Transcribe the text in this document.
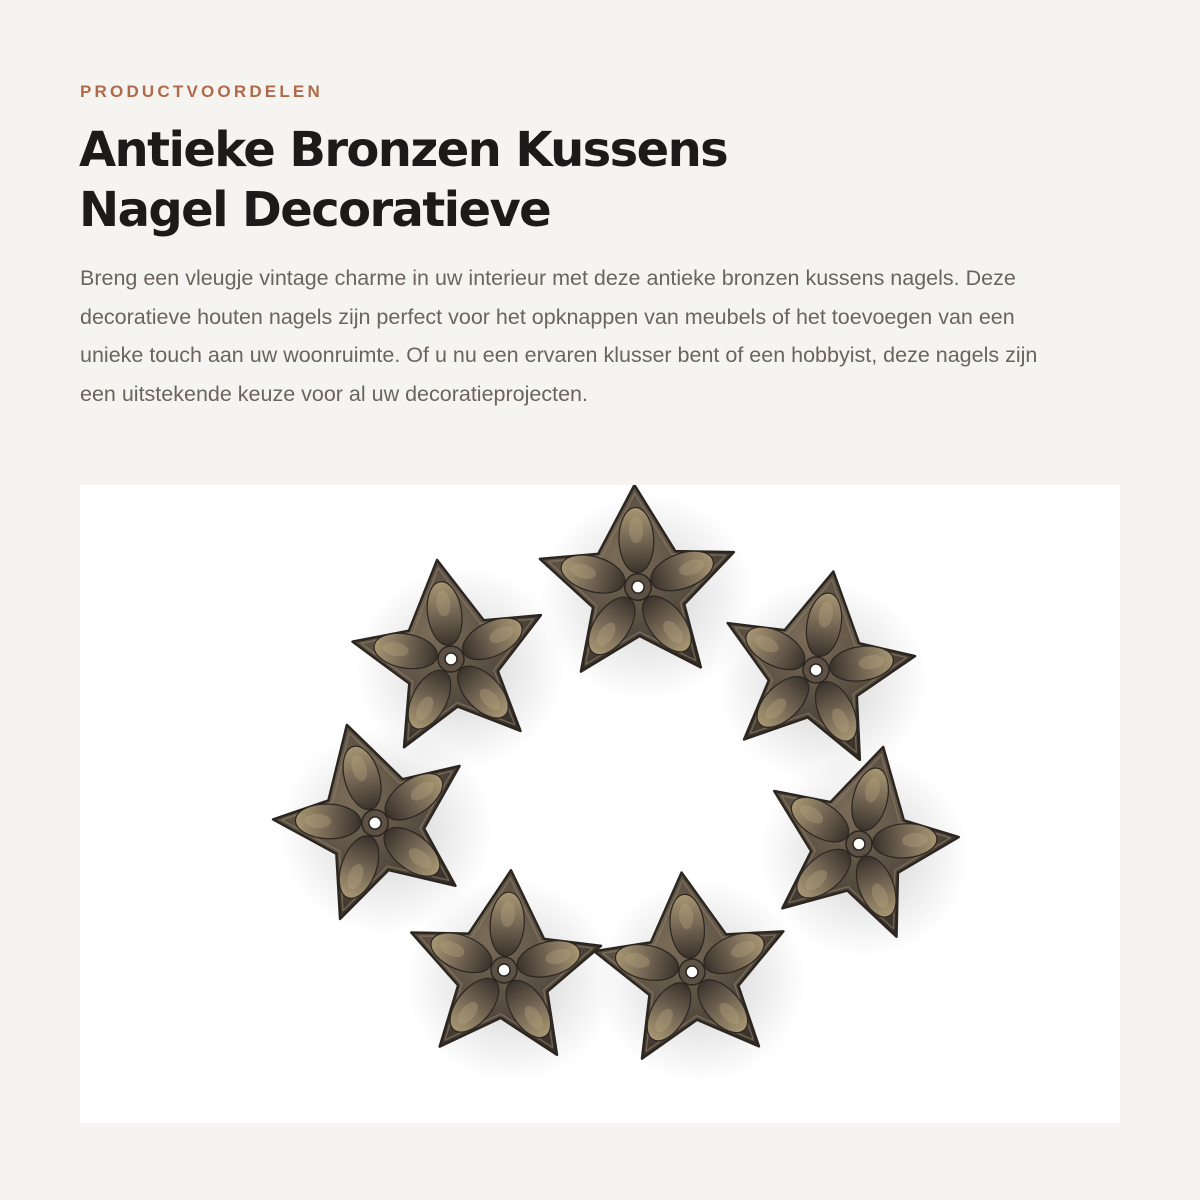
PRODUCTVOORDELEN

Antieke Bronzen Kussens
Nagel Decoratieve

Breng een vleugje vintage charme in uw interieur met deze antieke bronzen kussens nagels. Deze decoratieve houten nagels zijn perfect voor het opknappen van meubels of het toevoegen van een unieke touch aan uw woonruimte. Of u nu een ervaren klusser bent of een hobbyist, deze nagels zijn een uitstekende keuze voor al uw decoratieprojecten.
